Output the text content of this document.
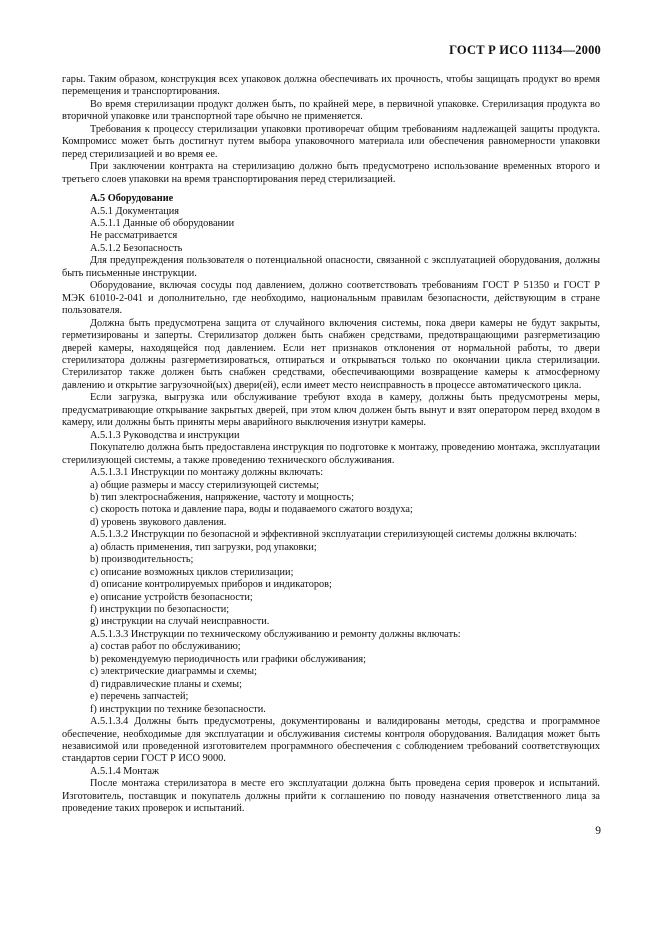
ГОСТ Р ИСО 11134—2000

гары. Таким образом, конструкция всех упаковок должна обеспечивать их прочность, чтобы защищать продукт во время перемещения и транспортирования.

Во время стерилизации продукт должен быть, по крайней мере, в первичной упаковке. Стерилизация продукта во вторичной упаковке или транспортной таре обычно не применяется.

Требования к процессу стерилизации упаковки противоречат общим требованиям надлежащей защиты продукта. Компромисс может быть достигнут путем выбора упаковочного материала или обеспечения равномерности упаковки перед стерилизацией и во время ее.

При заключении контракта на стерилизацию должно быть предусмотрено использование временных второго и третьего слоев упаковки на время транспортирования перед стерилизацией.

А.5 Оборудование

А.5.1 Документация

А.5.1.1 Данные об оборудовании

Не рассматривается

А.5.1.2 Безопасность

Для предупреждения пользователя о потенциальной опасности, связанной с эксплуатацией оборудования, должны быть письменные инструкции.

Оборудование, включая сосуды под давлением, должно соответствовать требованиям ГОСТ Р 51350 и ГОСТ Р МЭК 61010-2-041 и дополнительно, где необходимо, национальным правилам безопасности, действующим в стране пользователя.

Должна быть предусмотрена защита от случайного включения системы, пока двери камеры не будут закрыты, герметизированы и заперты. Стерилизатор должен быть снабжен средствами, предотвращающими разгерметизацию дверей камеры, находящейся под давлением. Если нет признаков отклонения от нормальной работы, то двери стерилизатора должны разгерметизироваться, отпираться и открываться только по окончании цикла стерилизации. Стерилизатор также должен быть снабжен средствами, обеспечивающими возвращение камеры к атмосферному давлению и открытие загрузочной(ых) двери(ей), если имеет место неисправность в процессе автоматического цикла.

Если загрузка, выгрузка или обслуживание требуют входа в камеру, должны быть предусмотрены меры, предусматривающие открывание закрытых дверей, при этом ключ должен быть вынут и взят оператором перед входом в камеру, или должны быть приняты меры аварийного выключения изнутри камеры.

А.5.1.3 Руководства и инструкции

Покупателю должна быть предоставлена инструкция по подготовке к монтажу, проведению монтажа, эксплуатации стерилизующей системы, а также проведению технического обслуживания.

А.5.1.3.1 Инструкции по монтажу должны включать:

a) общие размеры и массу стерилизующей системы;

b) тип электроснабжения, напряжение, частоту и мощность;

c) скорость потока и давление пара, воды и подаваемого сжатого воздуха;

d) уровень звукового давления.

А.5.1.3.2 Инструкции по безопасной и эффективной эксплуатации стерилизующей системы должны включать:

a) область применения, тип загрузки, род упаковки;

b) производительность;

c) описание возможных циклов стерилизации;

d) описание контролируемых приборов и индикаторов;

e) описание устройств безопасности;

f) инструкции по безопасности;

g) инструкции на случай неисправности.

А.5.1.3.3 Инструкции по техническому обслуживанию и ремонту должны включать:

a) состав работ по обслуживанию;

b) рекомендуемую периодичность или графики обслуживания;

c) электрические диаграммы и схемы;

d) гидравлические планы и схемы;

e) перечень запчастей;

f) инструкции по технике безопасности.

А.5.1.3.4 Должны быть предусмотрены, документированы и валидированы методы, средства и программное обеспечение, необходимые для эксплуатации и обслуживания системы контроля оборудования. Валидация может быть независимой или проведенной изготовителем программного обеспечения с соблюдением требований соответствующих стандартов серии ГОСТ Р ИСО 9000.

А.5.1.4 Монтаж

После монтажа стерилизатора в месте его эксплуатации должна быть проведена серия проверок и испытаний. Изготовитель, поставщик и покупатель должны прийти к соглашению по поводу назначения ответственного лица за проведение таких проверок и испытаний.

9
